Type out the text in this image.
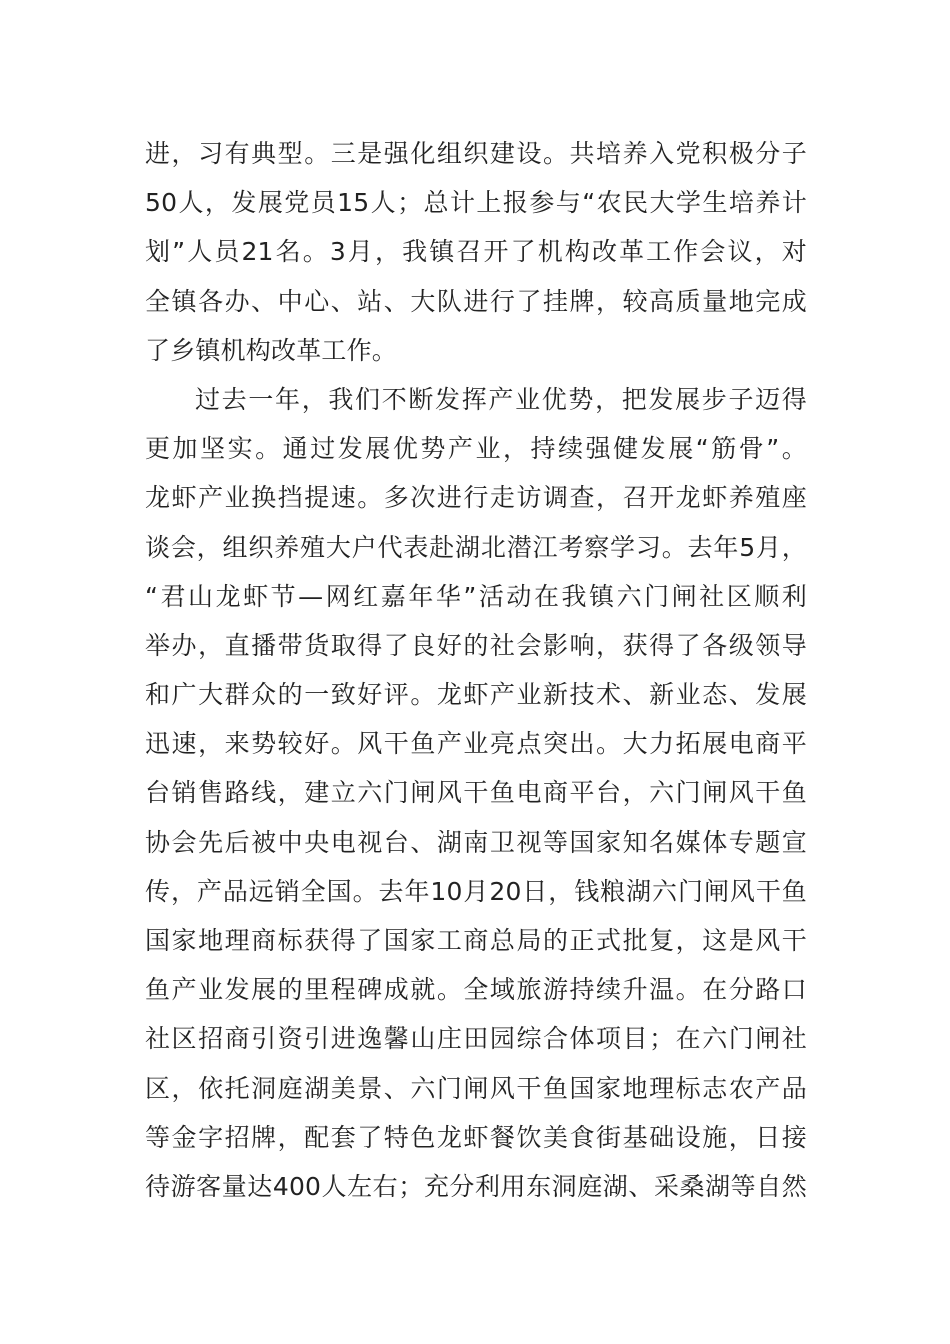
进，习有典型。三是强化组织建设。共培养入党积极分子
50人，发展党员15人；总计上报参与“农民大学生培养计
划”人员21名。3月，我镇召开了机构改革工作会议，对
全镇各办、中心、站、大队进行了挂牌，较高质量地完成
了乡镇机构改革工作。
过去一年，我们不断发挥产业优势，把发展步子迈得
更加坚实。通过发展优势产业，持续强健发展“筋骨”。
龙虾产业换挡提速。多次进行走访调查，召开龙虾养殖座
谈会，组织养殖大户代表赴湖北潜江考察学习。去年5月，
“君山龙虾节—网红嘉年华”活动在我镇六门闸社区顺利
举办，直播带货取得了良好的社会影响，获得了各级领导
和广大群众的一致好评。龙虾产业新技术、新业态、发展
迅速，来势较好。风干鱼产业亮点突出。大力拓展电商平
台销售路线，建立六门闸风干鱼电商平台，六门闸风干鱼
协会先后被中央电视台、湖南卫视等国家知名媒体专题宣
传，产品远销全国。去年10月20日，钱粮湖六门闸风干鱼
国家地理商标获得了国家工商总局的正式批复，这是风干
鱼产业发展的里程碑成就。全域旅游持续升温。在分路口
社区招商引资引进逸馨山庄田园综合体项目；在六门闸社
区，依托洞庭湖美景、六门闸风干鱼国家地理标志农产品
等金字招牌，配套了特色龙虾餐饮美食街基础设施，日接
待游客量达400人左右；充分利用东洞庭湖、采桑湖等自然
